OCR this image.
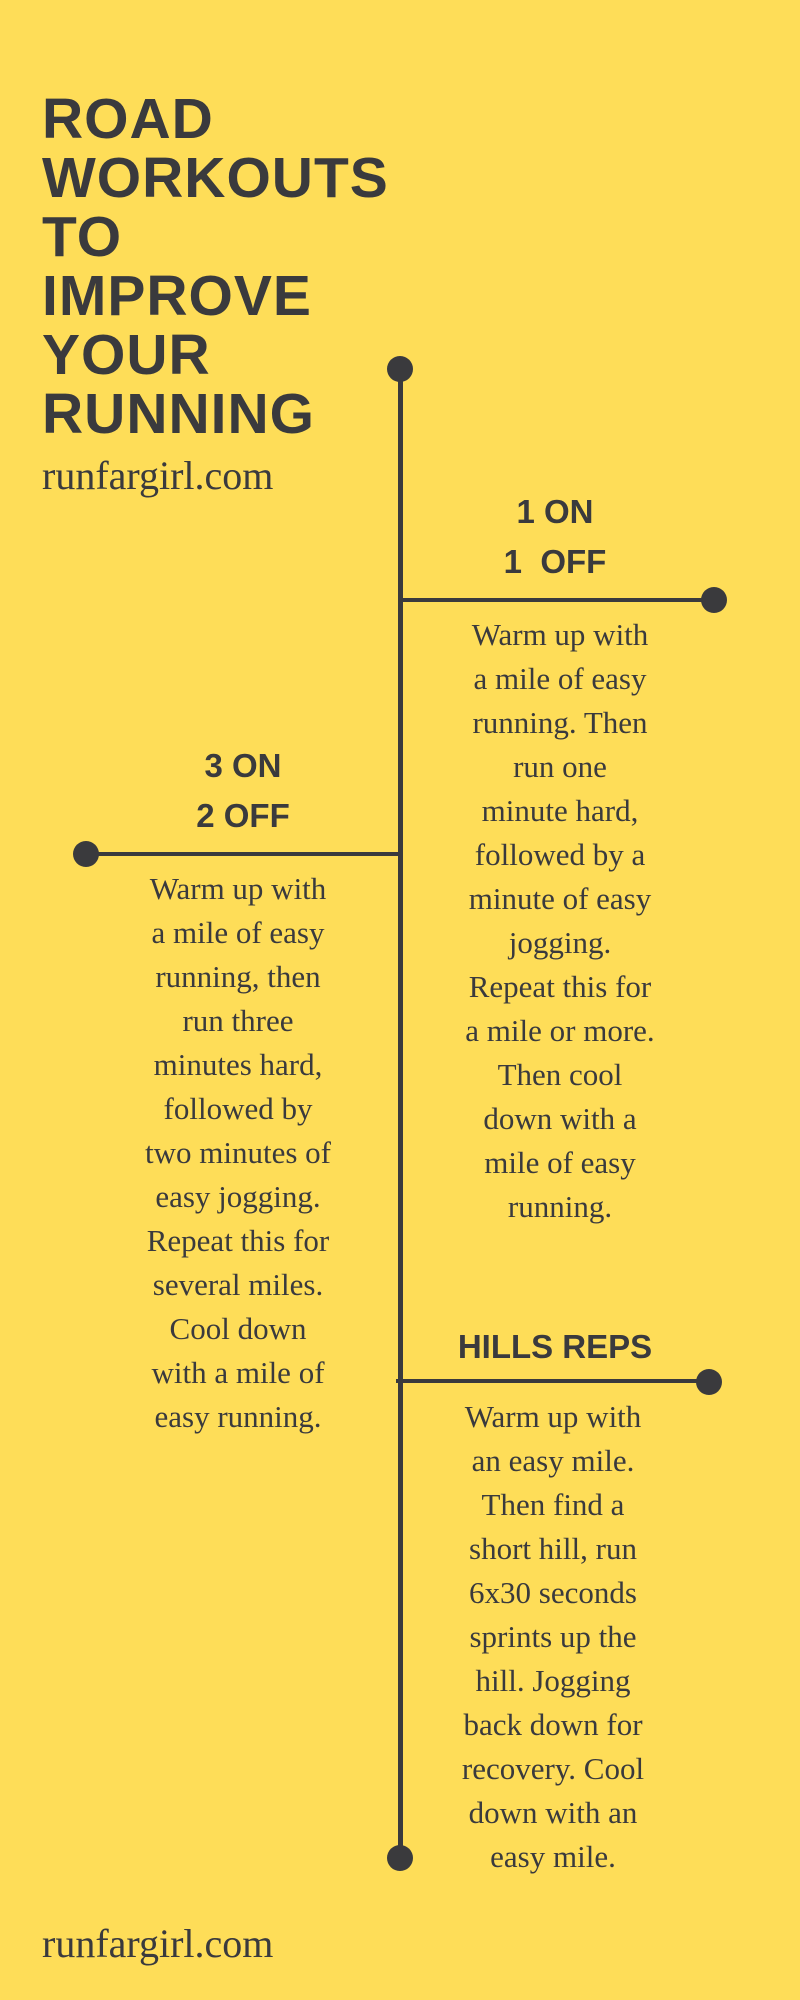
ROAD
WORKOUTS
TO
IMPROVE
YOUR
RUNNING

runfargirl.com

1 ON
1  OFF

Warm up with
a mile of easy
running. Then
run one
minute hard,
followed by a
minute of easy
jogging.
Repeat this for
a mile or more.
Then cool
down with a
mile of easy
running.

3 ON
2 OFF

Warm up with
a mile of easy
running, then
run three
minutes hard,
followed by
two minutes of
easy jogging.
Repeat this for
several miles.
Cool down
with a mile of
easy running.

HILLS REPS

Warm up with
an easy mile.
Then find a
short hill, run
6x30 seconds
sprints up the
hill. Jogging
back down for
recovery. Cool
down with an
easy mile.

runfargirl.com
